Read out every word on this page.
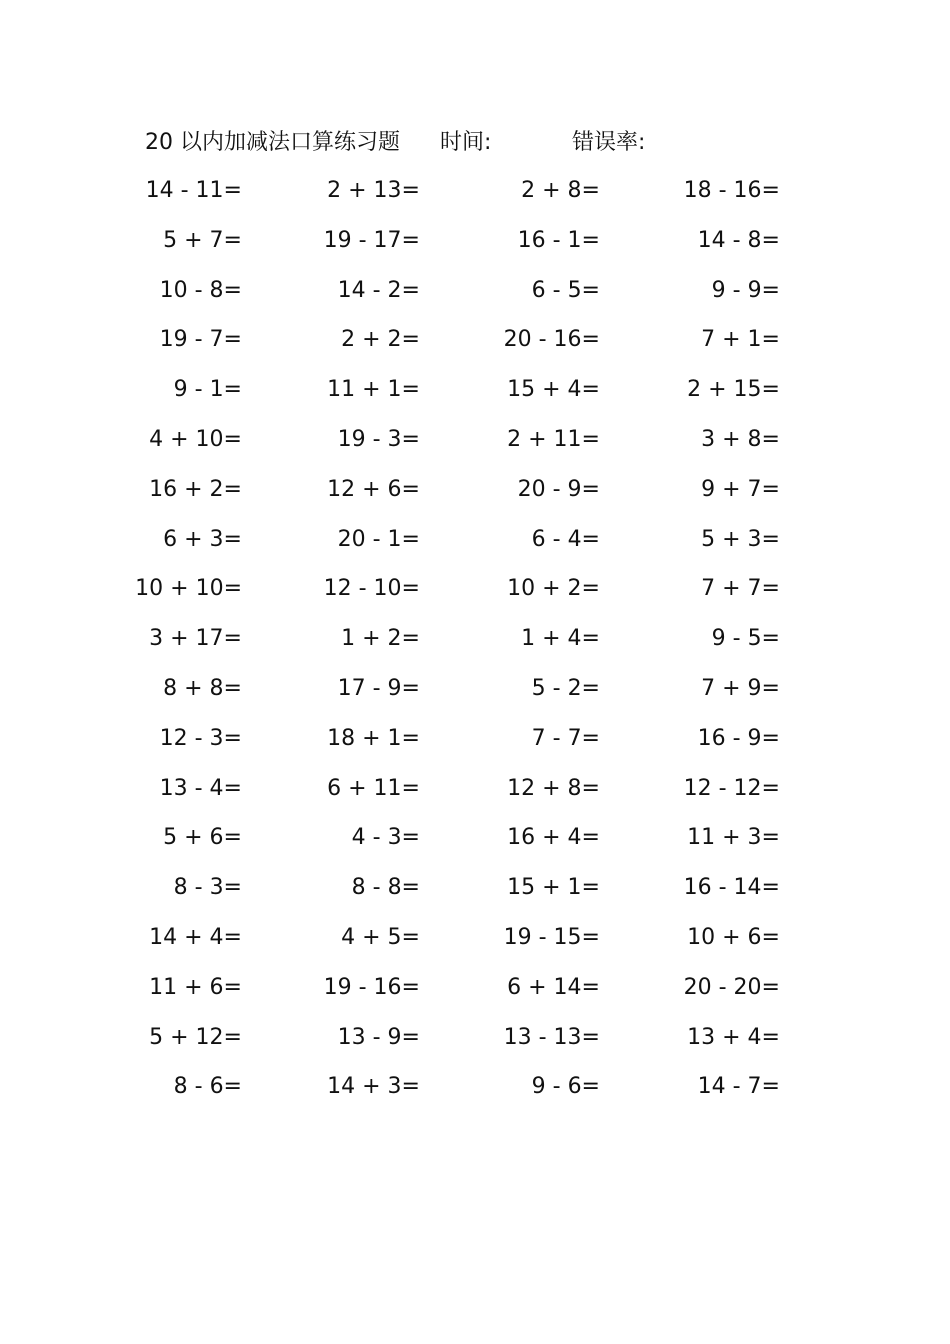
20 以内加减法口算练习题 时间:	错误率:
14 - 11=	2 + 13=	2 + 8=	18 - 16=
5 + 7=	19 - 17=	16 - 1=	14 - 8=
10 - 8=	14 - 2=	6 - 5=	9 - 9=
19 - 7=	2 + 2=	20 - 16=	7 + 1=
9 - 1=	11 + 1=	15 + 4=	2 + 15=
4 + 10=	19 - 3=	2 + 11=	3 + 8=
16 + 2=	12 + 6=	20 - 9=	9 + 7=
6 + 3=	20 - 1=	6 - 4=	5 + 3=
10 + 10=	12 - 10=	10 + 2=	7 + 7=
3 + 17=	1 + 2=	1 + 4=	9 - 5=
8 + 8=	17 - 9=	5 - 2=	7 + 9=
12 - 3=	18 + 1=	7 - 7=	16 - 9=
13 - 4=	6 + 11=	12 + 8=	12 - 12=
5 + 6=	4 - 3=	16 + 4=	11 + 3=
8 - 3=	8 - 8=	15 + 1=	16 - 14=
14 + 4=	4 + 5=	19 - 15=	10 + 6=
11 + 6=	19 - 16=	6 + 14=	20 - 20=
5 + 12=	13 - 9=	13 - 13=	13 + 4=
8 - 6=	14 + 3=	9 - 6=	14 - 7=
